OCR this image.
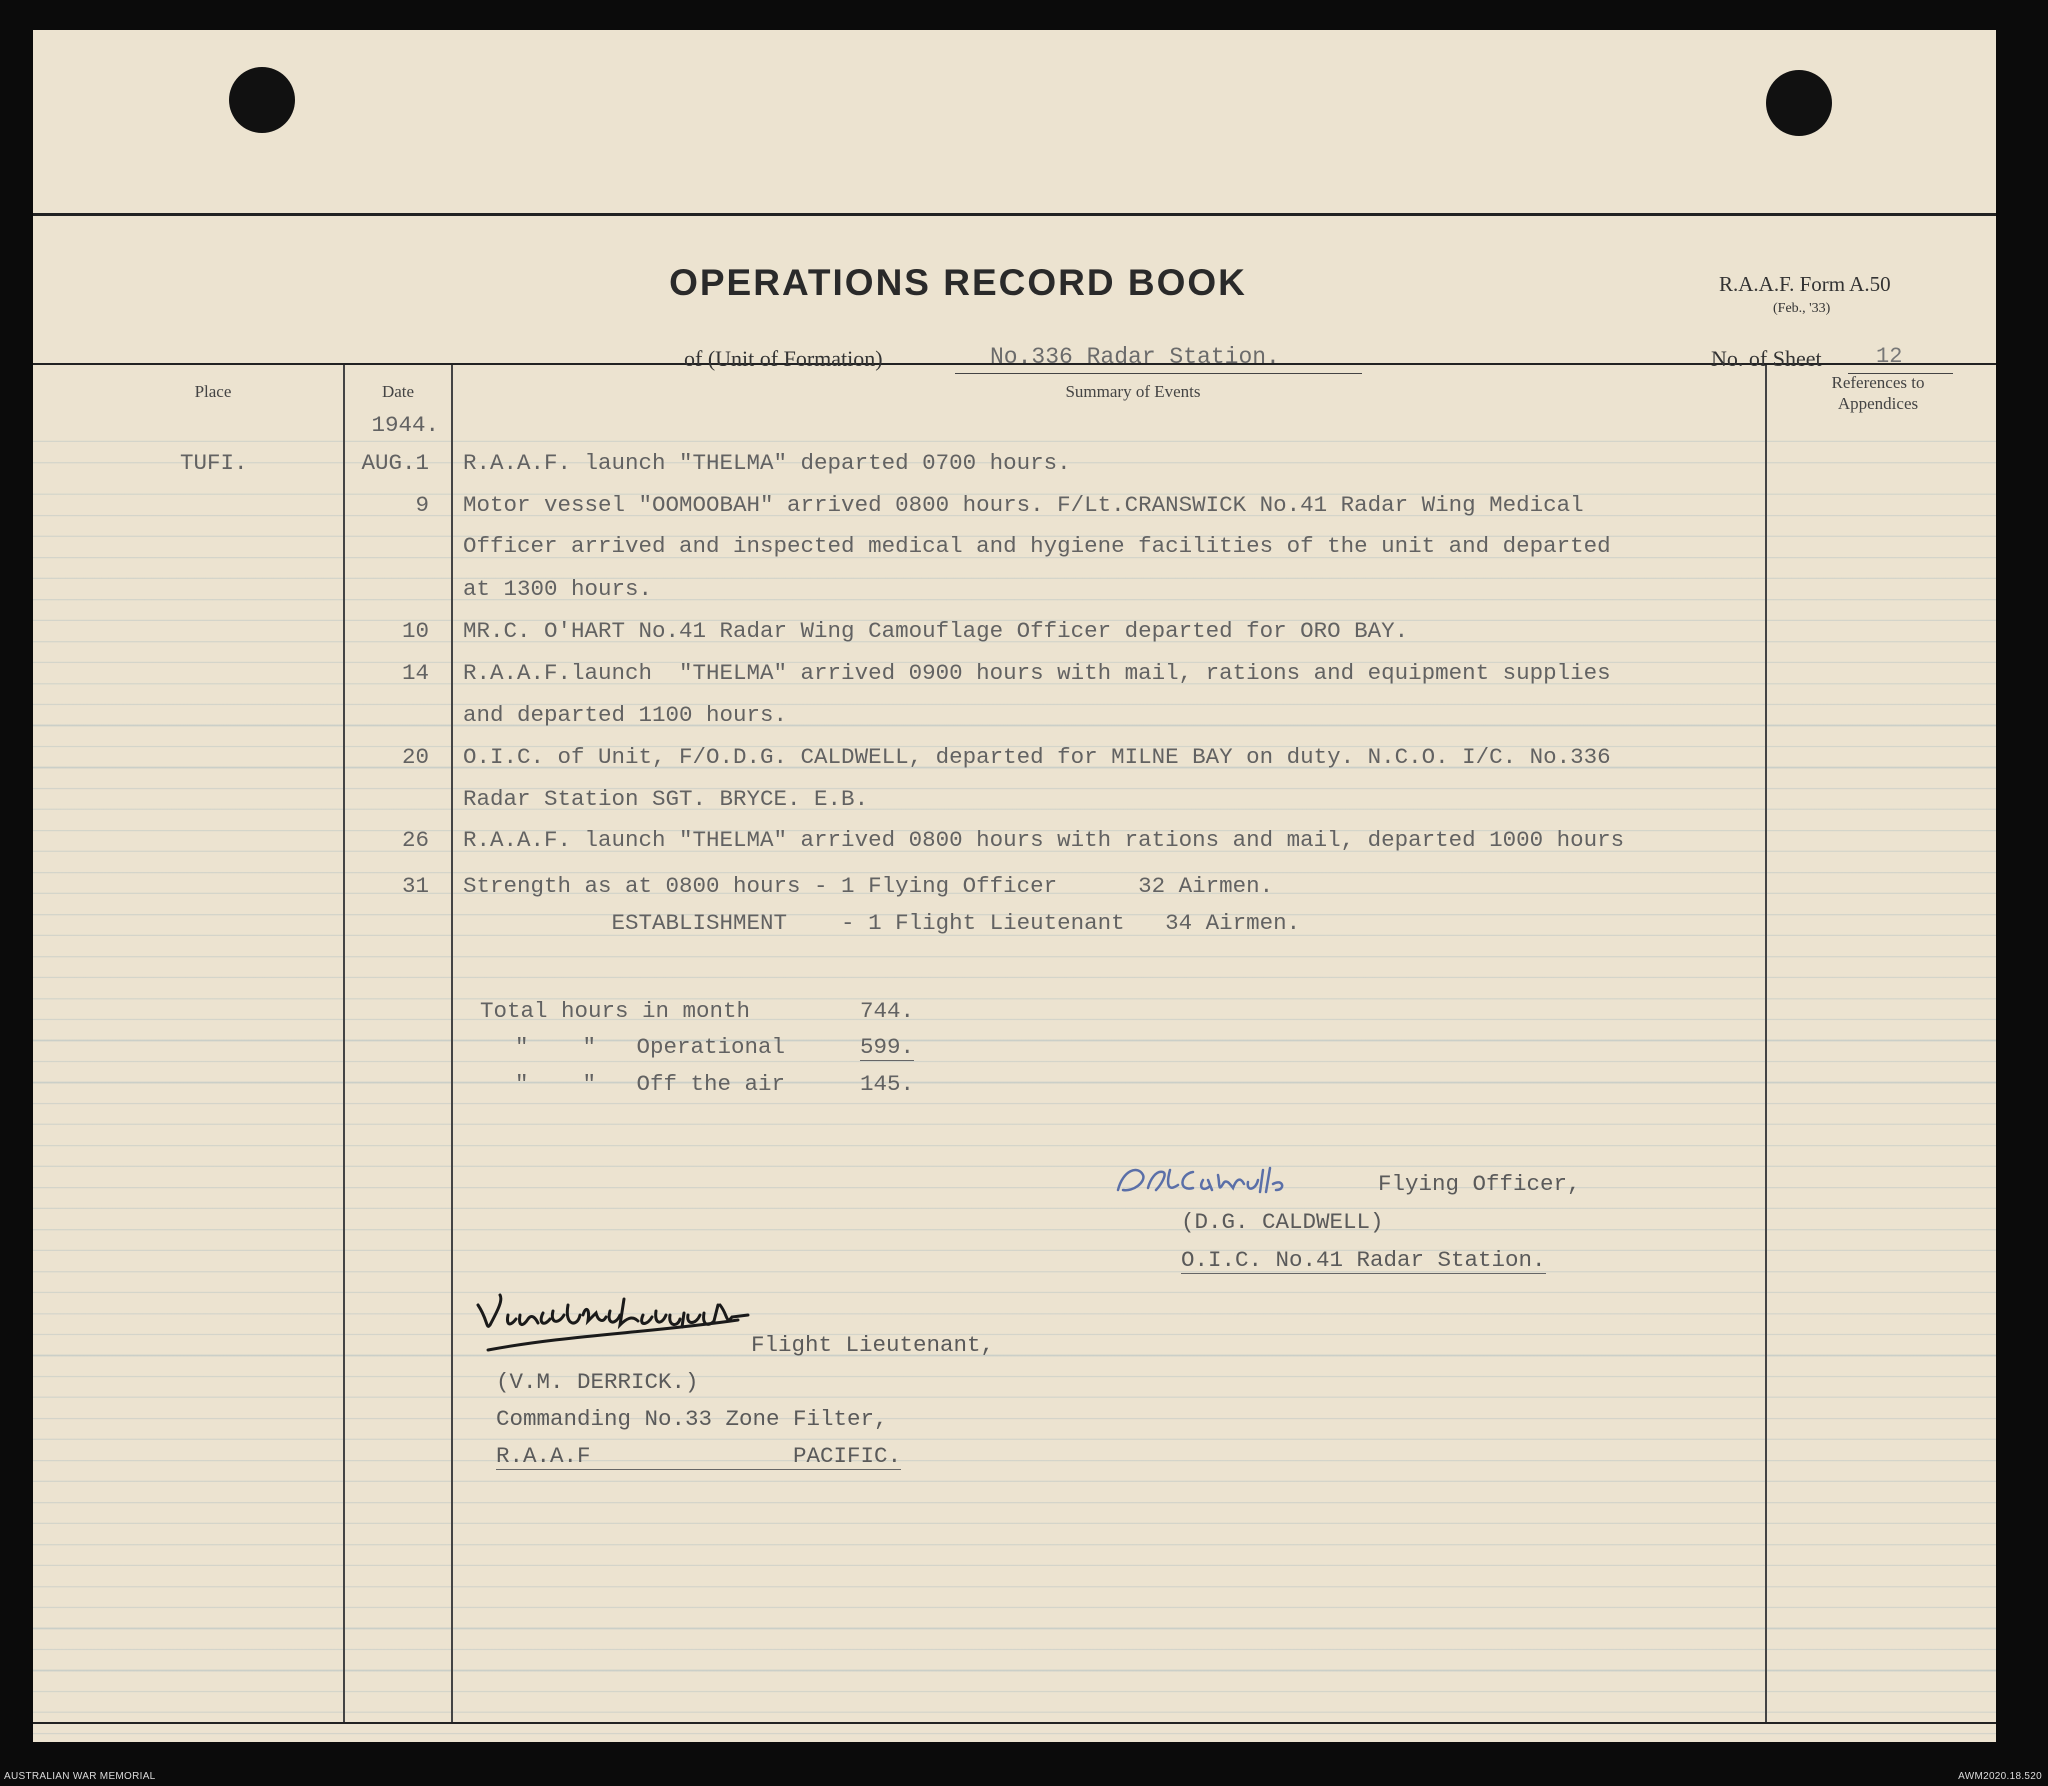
OPERATIONS RECORD BOOK	R.A.A.F. Form A.50
(Feb., '33)
of (Unit of Formation)	No.336 Radar Station.	No. of Sheet	12
Place	Date	Summary of Events	References to
Appendices
1944.
TUFI.	AUG.1 R.A.A.F. launch "THELMA" departed 0700 hours.
9 Motor vessel "OOMOOBAH" arrived 0800 hours. F/Lt.CRANSWICK No.41 Radar Wing Medical
Officer arrived and inspected medical and hygiene facilities of the unit and departed
at 1300 hours.
10 MR.C. O'HART No.41 Radar Wing Camouflage Officer departed for ORO BAY.
14 R.A.A.F.launch  "THELMA" arrived 0900 hours with mail, rations and equipment supplies
and departed 1100 hours.
20 O.I.C. of Unit, F/O.D.G. CALDWELL, departed for MILNE BAY on duty. N.C.O. I/C. No.336
Radar Station SGT. BRYCE. E.B.
26 R.A.A.F. launch "THELMA" arrived 0800 hours with rations and mail, departed 1000 hours
31 Strength as at 0800 hours - 1 Flying Officer      32 Airmen.
ESTABLISHMENT    - 1 Flight Lieutenant   34 Airmen.
Total hours in month	744.
"    "   Operational	599.
"    "   Off the air	145.
Flying Officer,
(D.G. CALDWELL)
O.I.C. No.41 Radar Station.
Flight Lieutenant,
(V.M. DERRICK.)
Commanding No.33 Zone Filter,
R.A.A.F               PACIFIC.
AUSTRALIAN WAR MEMORIAL	AWM2020.18.520
